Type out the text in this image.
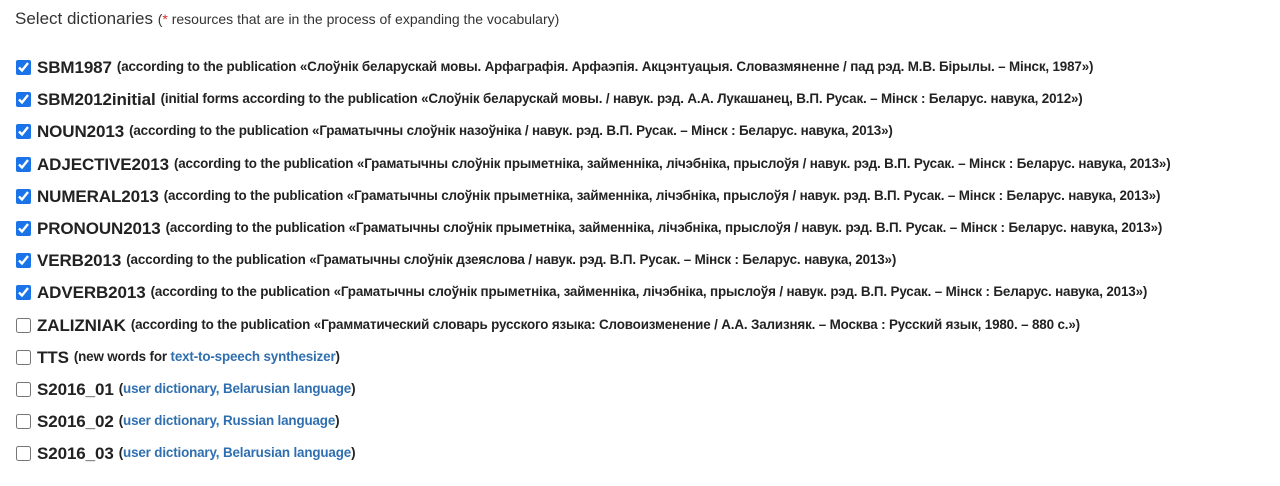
Select dictionaries (* resources that are in the process of expanding the vocabulary)
SBM1987 (according to the publication «Слоўнік беларускай мовы. Арфаграфія. Арфаэпія. Акцэнтуацыя. Словазмяненне / пад рэд. М.В. Бірылы. – Мінск, 1987»)
SBM2012initial (initial forms according to the publication «Слоўнік беларускай мовы. / навук. рэд. А.А. Лукашанец, В.П. Русак. – Мінск : Беларус. навука, 2012»)
NOUN2013 (according to the publication «Граматычны слоўнік назоўніка / навук. рэд. В.П. Русак. – Мінск : Беларус. навука, 2013»)
ADJECTIVE2013 (according to the publication «Граматычны слоўнік прыметніка, займенніка, лічэбніка, прыслоўя / навук. рэд. В.П. Русак. – Мінск : Беларус. навука, 2013»)
NUMERAL2013 (according to the publication «Граматычны слоўнік прыметніка, займенніка, лічэбніка, прыслоўя / навук. рэд. В.П. Русак. – Мінск : Беларус. навука, 2013»)
PRONOUN2013 (according to the publication «Граматычны слоўнік прыметніка, займенніка, лічэбніка, прыслоўя / навук. рэд. В.П. Русак. – Мінск : Беларус. навука, 2013»)
VERB2013 (according to the publication «Граматычны слоўнік дзеяслова / навук. рэд. В.П. Русак. – Мінск : Беларус. навука, 2013»)
ADVERB2013 (according to the publication «Граматычны слоўнік прыметніка, займенніка, лічэбніка, прыслоўя / навук. рэд. В.П. Русак. – Мінск : Беларус. навука, 2013»)
ZALIZNIAK (according to the publication «Грамматический словарь русского языка: Словоизменение / А.А. Зализняк. – Москва : Русский язык, 1980. – 880 с.»)
TTS (new words for text-to-speech synthesizer)
S2016_01 (user dictionary, Belarusian language)
S2016_02 (user dictionary, Russian language)
S2016_03 (user dictionary, Belarusian language)
